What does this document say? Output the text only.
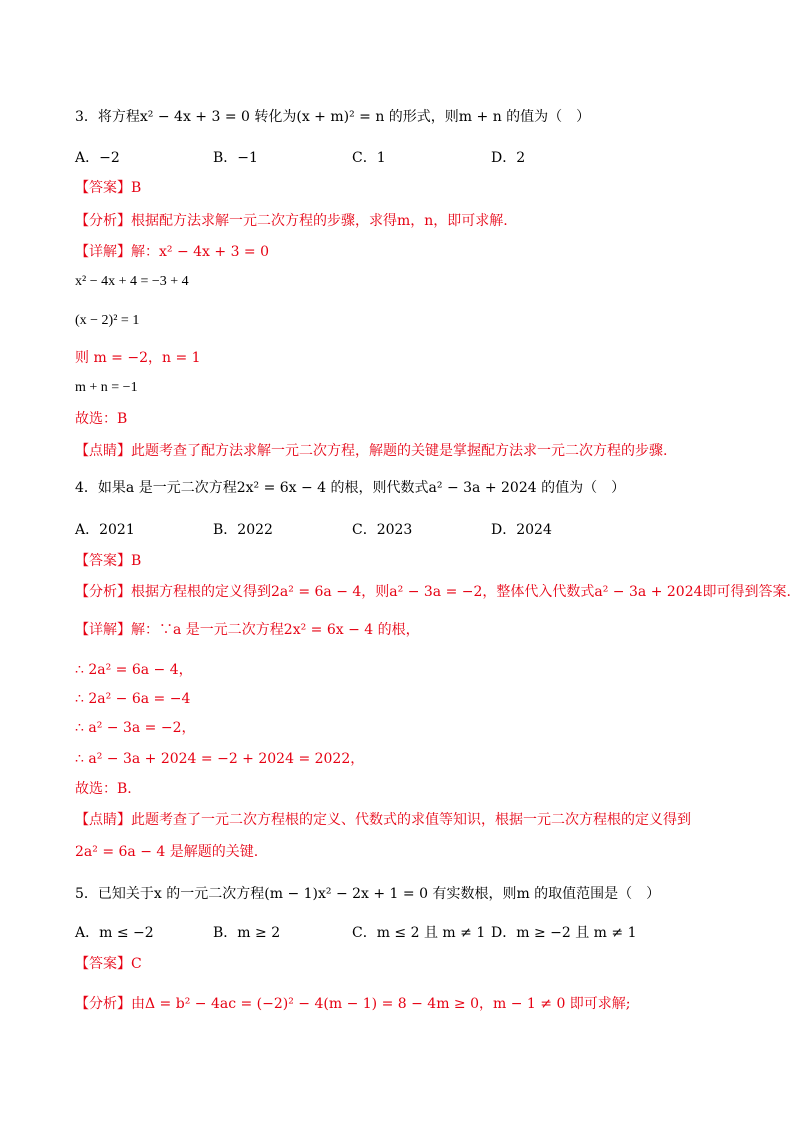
3．将方程x² − 4x + 3 = 0 转化为(x + m)² = n 的形式，则m + n 的值为（　）
A．−2	B．−1	C．1	D．2
【答案】B
【分析】根据配方法求解一元二次方程的步骤，求得m，n，即可求解.
【详解】解：x² − 4x + 3 = 0
x² − 4x + 4 = −3 + 4
(x − 2)² = 1
则 m = −2，n = 1
m + n = −1
故选：B
【点睛】此题考查了配方法求解一元二次方程，解题的关键是掌握配方法求一元二次方程的步骤.
4．如果a 是一元二次方程2x² = 6x − 4 的根，则代数式a² − 3a + 2024 的值为（　）
A．2021	B．2022	C．2023	D．2024
【答案】B
【分析】根据方程根的定义得到2a² = 6a − 4，则a² − 3a = −2，整体代入代数式a² − 3a + 2024即可得到答案.
【详解】解：∵a 是一元二次方程2x² = 6x − 4 的根，
∴ 2a² = 6a − 4，
∴ 2a² − 6a = −4
∴ a² − 3a = −2，
∴ a² − 3a + 2024 = −2 + 2024 = 2022，
故选：B.
【点睛】此题考查了一元二次方程根的定义、代数式的求值等知识，根据一元二次方程根的定义得到
2a² = 6a − 4 是解题的关键.
5．已知关于x 的一元二次方程(m − 1)x² − 2x + 1 = 0 有实数根，则m 的取值范围是（　）
A．m ≤ −2	B．m ≥ 2	C．m ≤ 2 且 m ≠ 1 D．m ≥ −2 且 m ≠ 1
【答案】C
【分析】由Δ = b² − 4ac = (−2)² − 4(m − 1) = 8 − 4m ≥ 0，m − 1 ≠ 0 即可求解;
